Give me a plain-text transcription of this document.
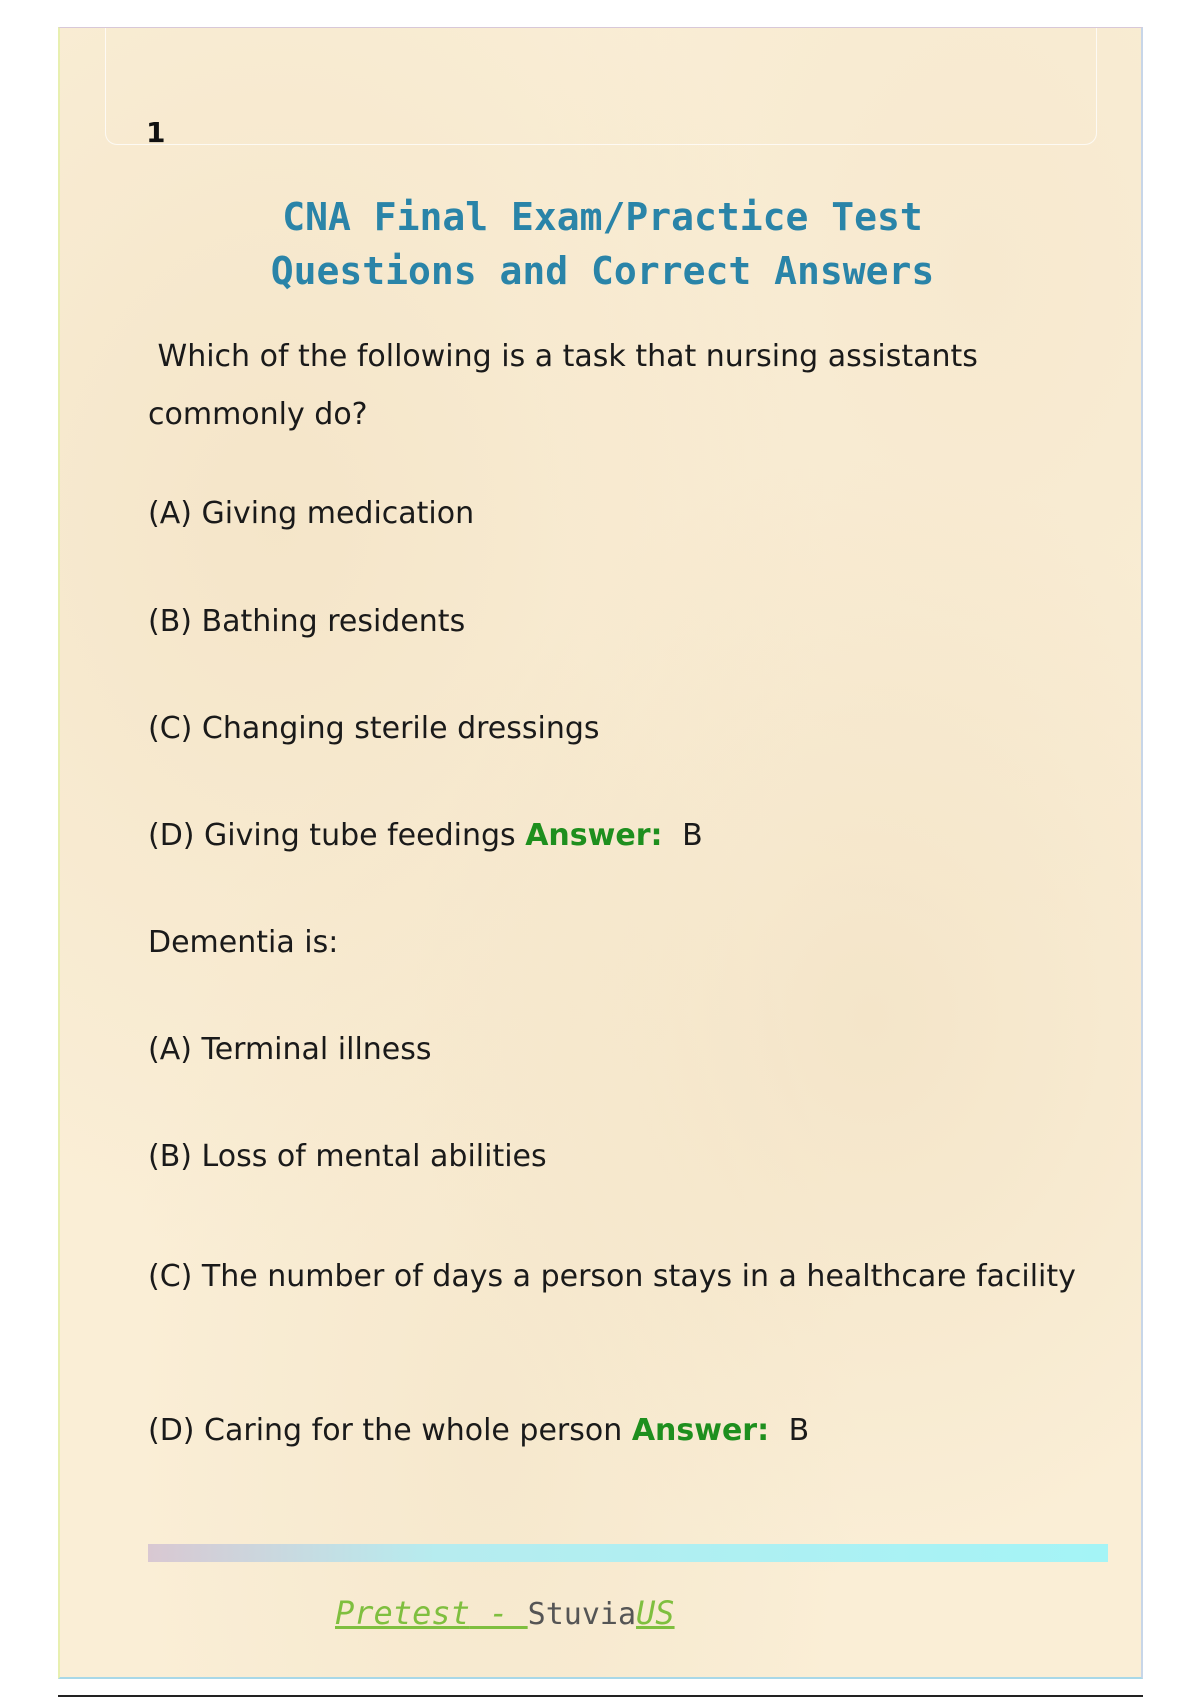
1
CNA Final Exam/Practice Test
Questions and Correct Answers
Which of the following is a task that nursing assistants commonly do?
(A) Giving medication
(B) Bathing residents
(C) Changing sterile dressings
(D) Giving tube feedings Answer: B
Dementia is:
(A) Terminal illness
(B) Loss of mental abilities
(C) The number of days a person stays in a healthcare facility
(D) Caring for the whole person Answer: B
Pretest - StuviaUS
